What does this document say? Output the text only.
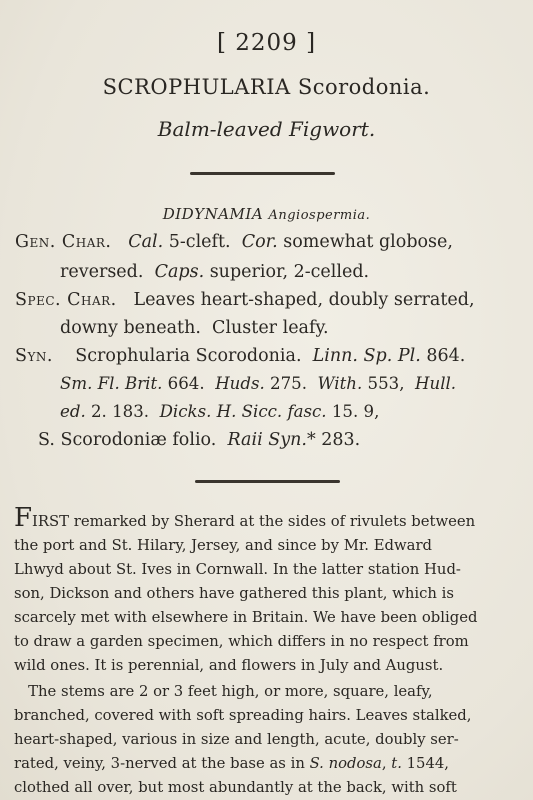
[ 2209 ]
SCROPHULARIA Scorodonia.
Balm-leaved Figwort.
DIDYNAMIA Angiospermia.
Gen. Char. Cal. 5-cleft.  Cor. somewhat globose,
reversed.  Caps. superior, 2-celled.
Spec. Char. Leaves heart-shaped, doubly serrated,
downy beneath.  Cluster leafy.
Syn. Scrophularia Scorodonia.  Linn. Sp. Pl. 864.
Sm. Fl. Brit. 664.  Huds. 275.  With. 553,  Hull.
ed. 2. 183.  Dicks. H. Sicc. fasc. 15. 9,
S. Scorodoniæ folio.  Raii Syn.* 283.
FIRST remarked by Sherard at the sides of rivulets between
the port and St. Hilary, Jersey, and since by Mr. Edward
Lhwyd about St. Ives in Cornwall. In the latter station Hud-
son, Dickson and others have gathered this plant, which is
scarcely met with elsewhere in Britain. We have been obliged
to draw a garden specimen, which differs in no respect from
wild ones. It is perennial, and flowers in July and August.
The stems are 2 or 3 feet high, or more, square, leafy,
branched, covered with soft spreading hairs. Leaves stalked,
heart-shaped, various in size and length, acute, doubly ser-
rated, veiny, 3-nerved at the base as in S. nodosa, t. 1544,
clothed all over, but most abundantly at the back, with soft
